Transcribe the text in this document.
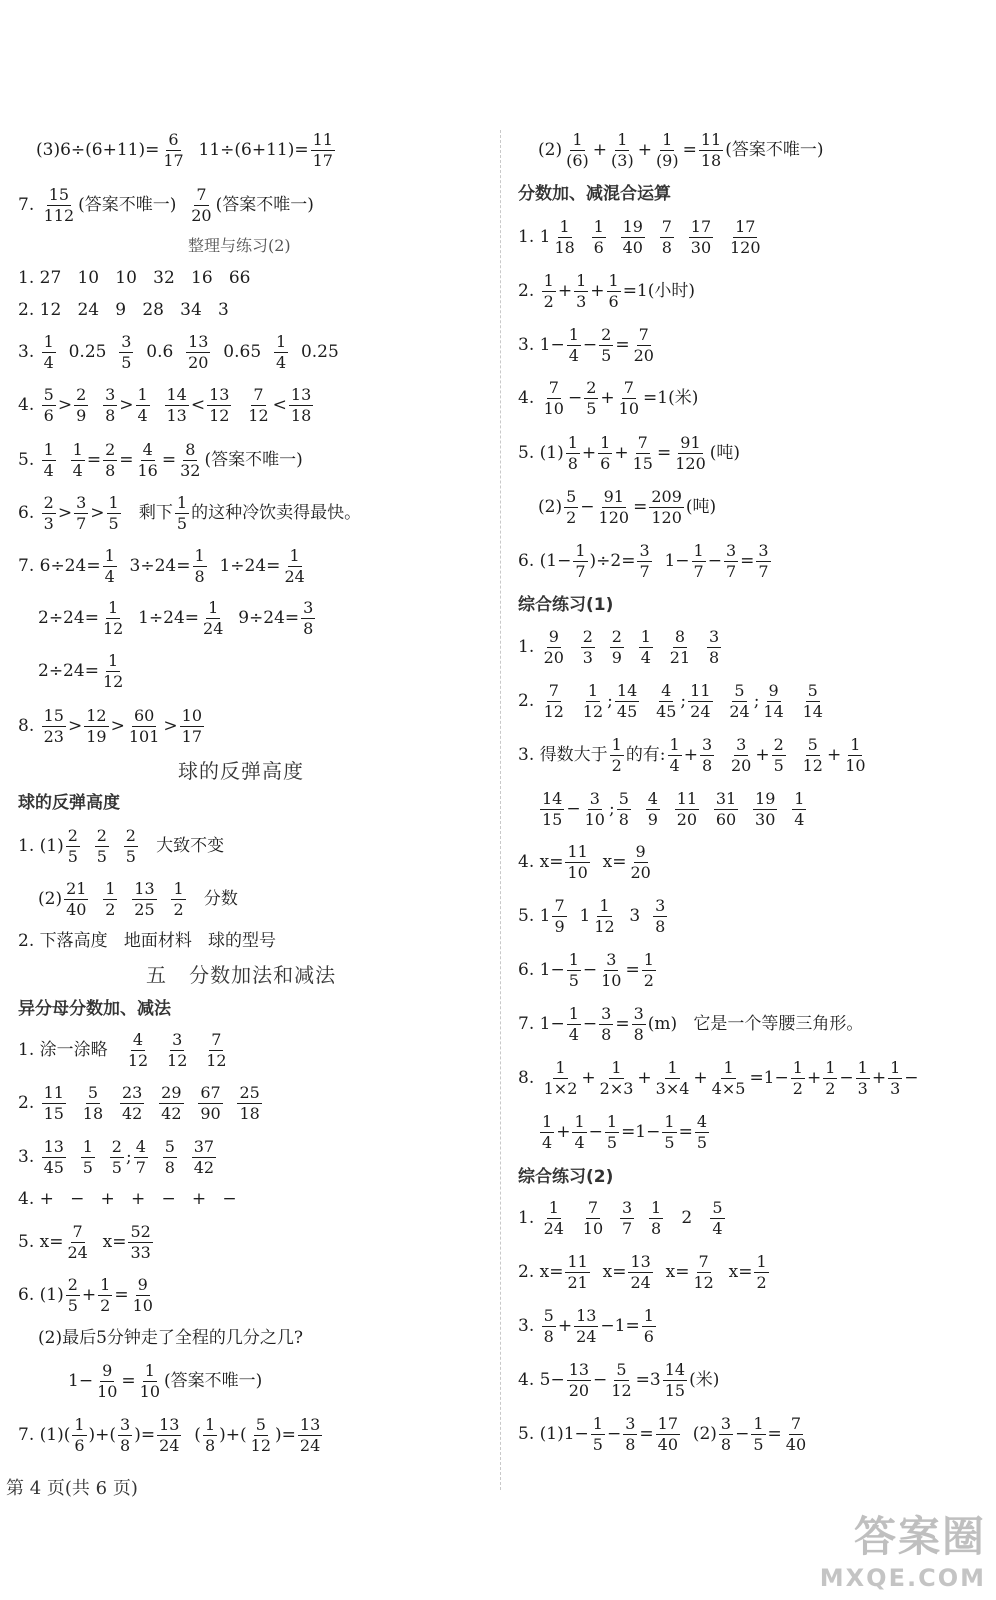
$(3)6\div(6+11)= \frac{6}{17} 11\div(6+11)= \frac{11}{17}$
7. $\frac{15}{112}$ (答案不唯一) $\frac{7}{20}$ (答案不唯一)
整理与练习(2)
1. 27   10   10   32   16   66
2. 12   24   9   28   34   3
3. $\frac{1}{4} 0.25 \frac{3}{5} 0.6 \frac{13}{20} 0.65 \frac{1}{4} 0.25$
4. $\frac{5}{6} > \frac{2}{9}$
$\frac{3}{8} > \frac{1}{4}$
$\frac{14}{13} < \frac{13}{12}$
$\frac{7}{12} < \frac{13}{18}$
5. $\frac{1}{4}$
$\frac{1}{4} = \frac{2}{8} = \frac{4}{16} = \frac{8}{32}$ (答案不唯一)
6. $\frac{2}{3} > \frac{3}{7} > \frac{1}{5}$ 剩下 $\frac{1}{5}$ 的这种冷饮卖得最快。
7. $6\div 24= \frac{1}{4} 3\div 24= \frac{1}{8} 1\div 24= \frac{1}{24}$
$2\div 24= \frac{1}{12} 1\div 24= \frac{1}{24} 9\div 24= \frac{3}{8}$
$2\div 24= \frac{1}{12}$
8. $\frac{15}{23} > \frac{12}{19} > \frac{60}{101} > \frac{10}{17}$
球的反弹高度
球的反弹高度
1. $(1) \frac{2}{5}$
$\frac{2}{5}$
$\frac{2}{5}$ 大致不变
$(2) \frac{21}{40}$
$\frac{1}{2}$
$\frac{13}{25}$
$\frac{1}{2}$ 分数
2. 下落高度   地面材料   球的型号
五   分数加法和减法
异分母分数加、减法
1. 涂一涂略 $\frac{4}{12}$
$\frac{3}{12}$
$\frac{7}{12}$
2. $\frac{11}{15}$
$\frac{5}{18}$
$\frac{23}{42}$
$\frac{29}{42}$
$\frac{67}{90}$
$\frac{25}{18}$
3. $\frac{13}{45}$
$\frac{1}{5}$
$\frac{2}{5}$ ; $\frac{4}{7}$
$\frac{5}{8}$
$\frac{37}{42}$
4. +   −   +   +   −   +   −
5. $x= \frac{7}{24} x= \frac{52}{33}$
6. $(1) \frac{2}{5} + \frac{1}{2} = \frac{9}{10}$
(2)最后5分钟走了全程的几分之几?
$1- \frac{9}{10} = \frac{1}{10}$ (答案不唯一)
7. $(1)( \frac{1}{6}$ )+( $\frac{3}{8}$ )= $\frac{13}{24}$ ( $\frac{1}{8}$ )+( $\frac{5}{12}$ )= $\frac{13}{24}$
$(2) \frac{1}{(6)} + \frac{1}{(3)} + \frac{1}{(9)} = \frac{11}{18}$ (答案不唯一)
分数加、减混合运算
1. $1 \frac{1}{18}$
$\frac{1}{6}$
$\frac{19}{40}$
$\frac{7}{8}$
$\frac{17}{30}$
$\frac{17}{120}$
2. $\frac{1}{2} + \frac{1}{3} + \frac{1}{6} =1$(小时)
3. $1- \frac{1}{4} - \frac{2}{5} = \frac{7}{20}$
4. $\frac{7}{10} - \frac{2}{5} + \frac{7}{10} =1$(米)
5. $(1) \frac{1}{8} + \frac{1}{6} + \frac{7}{15} = \frac{91}{120}$ (吨)
$(2) \frac{5}{2} - \frac{91}{120} = \frac{209}{120}$ (吨)
6. $(1- \frac{1}{7} )\div 2= \frac{3}{7} 1- \frac{1}{7} - \frac{3}{7} = \frac{3}{7}$
综合练习(1)
1. $\frac{9}{20}$
$\frac{2}{3}$
$\frac{2}{9}$
$\frac{1}{4}$
$\frac{8}{21}$
$\frac{3}{8}$
2. $\frac{7}{12}$
$\frac{1}{12}$ ; $\frac{14}{45}$
$\frac{4}{45}$ ; $\frac{11}{24}$
$\frac{5}{24}$ ; $\frac{9}{14}$
$\frac{5}{14}$
3. 得数大于 $\frac{1}{2}$ 的有: $\frac{1}{4} + \frac{3}{8}$
$\frac{3}{20} + \frac{2}{5}$
$\frac{5}{12} + \frac{1}{10}$
$\frac{14}{15} - \frac{3}{10}$ ; $\frac{5}{8}$
$\frac{4}{9}$
$\frac{11}{20}$
$\frac{31}{60}$
$\frac{19}{30}$
$\frac{1}{4}$
4. $x= \frac{11}{10} x= \frac{9}{20}$
5. $1 \frac{7}{9} 1 \frac{1}{12} 3 \frac{3}{8}$
6. $1- \frac{1}{5} - \frac{3}{10} = \frac{1}{2}$
7. $1- \frac{1}{4} - \frac{3}{8} = \frac{3}{8} (m)$   它是一个等腰三角形。
8. $\frac{1}{1\times 2} + \frac{1}{2\times 3} + \frac{1}{3\times 4} + \frac{1}{4\times 5} =1- \frac{1}{2} + \frac{1}{2} - \frac{1}{3} + \frac{1}{3}$ −
$\frac{1}{4} + \frac{1}{4} - \frac{1}{5} =1- \frac{1}{5} = \frac{4}{5}$
综合练习(2)
1. $\frac{1}{24}$
$\frac{7}{10}$
$\frac{3}{7}$
$\frac{1}{8} 2 \frac{5}{4}$
2. $x= \frac{11}{21} x= \frac{13}{24} x= \frac{7}{12} x= \frac{1}{2}$
3. $\frac{5}{8} + \frac{13}{24} -1= \frac{1}{6}$
4. $5- \frac{13}{20} - \frac{5}{12} =3 \frac{14}{15}$ (米)
5. $(1)1- \frac{1}{5} - \frac{3}{8} = \frac{17}{40} (2) \frac{3}{8} - \frac{1}{5} = \frac{7}{40}$
第 4 页(共 6 页)
答案圈
MXQE.COM
